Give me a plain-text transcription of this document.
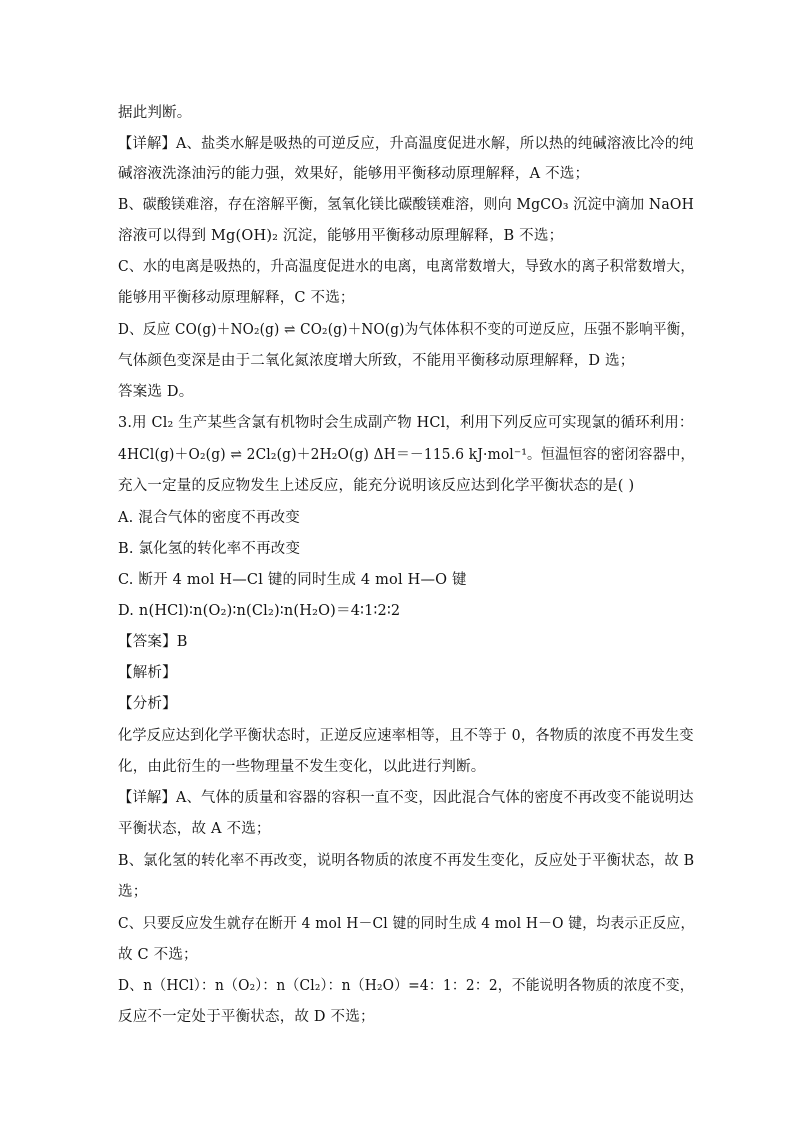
据此判断。
【详解】A、盐类水解是吸热的可逆反应，升高温度促进水解，所以热的纯碱溶液比冷的纯
碱溶液洗涤油污的能力强，效果好，能够用平衡移动原理解释，A 不选；
B、碳酸镁难溶，存在溶解平衡，氢氧化镁比碳酸镁难溶，则向 MgCO₃ 沉淀中滴加 NaOH
溶液可以得到 Mg(OH)₂ 沉淀，能够用平衡移动原理解释，B 不选；
C、水的电离是吸热的，升高温度促进水的电离，电离常数增大，导致水的离子积常数增大，
能够用平衡移动原理解释，C 不选；
D、反应 CO(g)＋NO₂(g) ⇌ CO₂(g)＋NO(g)为气体体积不变的可逆反应，压强不影响平衡，
气体颜色变深是由于二氧化氮浓度增大所致，不能用平衡移动原理解释，D 选；
答案选 D。
3.用 Cl₂ 生产某些含氯有机物时会生成副产物 HCl，利用下列反应可实现氯的循环利用：
4HCl(g)＋O₂(g) ⇌ 2Cl₂(g)＋2H₂O(g) ΔH＝－115.6 kJ·mol⁻¹。恒温恒容的密闭容器中，
充入一定量的反应物发生上述反应，能充分说明该反应达到化学平衡状态的是( )
A. 混合气体的密度不再改变
B. 氯化氢的转化率不再改变
C. 断开 4 mol H—Cl 键的同时生成 4 mol H—O 键
D. n(HCl)∶n(O₂)∶n(Cl₂)∶n(H₂O)＝4∶1∶2∶2
【答案】B
【解析】
【分析】
化学反应达到化学平衡状态时，正逆反应速率相等，且不等于 0，各物质的浓度不再发生变
化，由此衍生的一些物理量不发生变化，以此进行判断。
【详解】A、气体的质量和容器的容积一直不变，因此混合气体的密度不再改变不能说明达
平衡状态，故 A 不选；
B、氯化氢的转化率不再改变，说明各物质的浓度不再发生变化，反应处于平衡状态，故 B
选；
C、只要反应发生就存在断开 4 mol H－Cl 键的同时生成 4 mol H－O 键，均表示正反应，
故 C 不选；
D、n（HCl）：n（O₂）：n（Cl₂）：n（H₂O）=4：1：2：2，不能说明各物质的浓度不变，
反应不一定处于平衡状态，故 D 不选；
